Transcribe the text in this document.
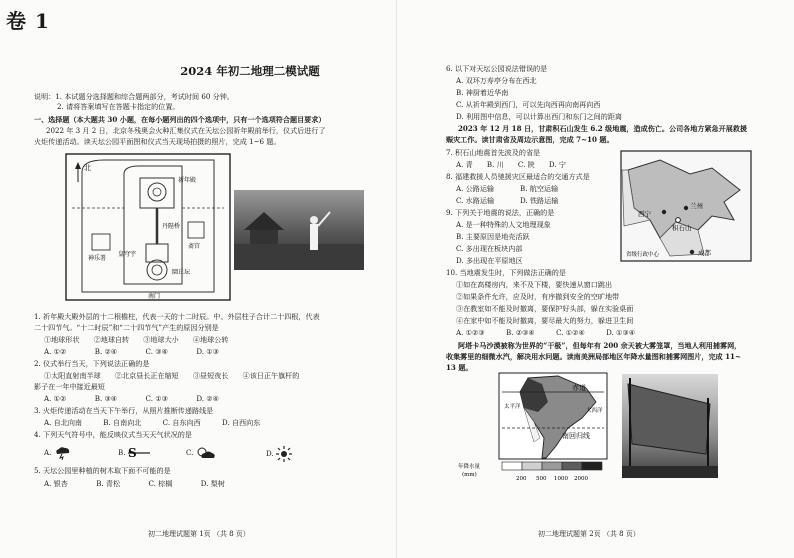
卷 1
2024 年初二地理二模试题
说明：1. 本试题分选择题和综合题两部分，考试时间 60 分钟。
2. 请将答案填写在答题卡指定的位置。
一、选择题（本大题共 30 小题，在每小题列出的四个选项中，只有一个选项符合题目要求）
2022 年 3 月 2 日，北京冬残奥会火种汇集仪式在天坛公园祈年殿前举行，仪式后进行了
火炬传递活动。读天坛公园平面图和仪式当天现场拍摄的照片，完成 1~6 题。
北
祈年殿
丹陛桥
神乐署
斋宫
皇穹宇
圜丘坛
南门
1. 祈年殿大殿外层的十二根檐柱，代表一天的十二时辰。中、外层柱子合计二十四根，代表
二十四节气。“十二时辰”和“二十四节气”产生的原因分别是
①地球形状　　②地球自转　　③地球大小　　④地球公转
A. ①②　　　　B. ②④　　　　C. ③④　　　　D. ①③
2. 仪式举行当天，下列说法正确的是
①太阳直射南半球　　②北京昼长正在缩短　　③昼短夜长　　④该日正午旗杆的
影子在一年中接近最短
A. ①②　　　　B. ③④　　　　C. ①③　　　　D. ②④
3. 火炬传递活动在当天下午举行，从照片推断传递路线是
A. 自北向南　　　B. 自南向北　　　C. 自东向西　　　D. 自西向东
4. 下列天气符号中，能反映仪式当天天气状况的是
A.	B. S	C.	D.
5. 天坛公园里种植的树木取下面不可能的是
A. 银杏　　　　B. 青松　　　　C. 棕榈　　　　D. 梨树
初二地理试题第 1页 （共 8 页）
6. 以下对天坛公园说法错误的是
A. 双环万寿亭分布在西北
B. 神厨着近华南
C. 从祈年殿到西门，可以先向西再向南再向西
D. 利用图中信息，可以计算出西门和东门之间的距离
2023 年 12 月 18 日，甘肃积石山发生 6.2 级地震，造成伤亡。公司各地方紧急开展救援
赈灾工作。读甘肃省及周边示意图，完成 7~10 题。
7. 积石山地震首先波及的省是
A. 青　　B. 川　　C. 陕　　D. 宁
8. 福建救援人员驰援灾区最适合的交通方式是
A. 公路运输	B. 航空运输
C. 水路运输	D. 铁路运输
9. 下列关于地震的说法，正确的是
A. 是一种特殊的人文地理现象
B. 主要原因是地壳活跃
C. 多出现在板块内部
D. 多出现在平原地区
西宁
积石山
兰州
成都
省级行政中心
10. 当地震发生时，下列做法正确的是
①如在高楼房内，来不及下楼，要快速从窗口跳出
②如果条件允许，应及时，有序撤到安全的空旷地带
③在教室如不能及时撤离，要保护好头部，躲在实验桌面
④在家中如不能及时撤离，要尽最大的努力，躲进卫生间
A. ①②③　　　B. ②③④　　　C. ①②④　　　D. ①③④
阿塔卡马沙漠被称为世界的“干极”，但每年有 200 余天被大雾笼罩，当地人利用捕雾网，
收集雾里的细微水汽，解决用水问题。读南美洲局部地区年降水量图和捕雾网图片，完成 11~
13 题。
赤道
南回归线
太平洋
大西洋
年降水量
(mm)
200 500 1000 2000
初二地理试题第 2页 （共 8 页）
